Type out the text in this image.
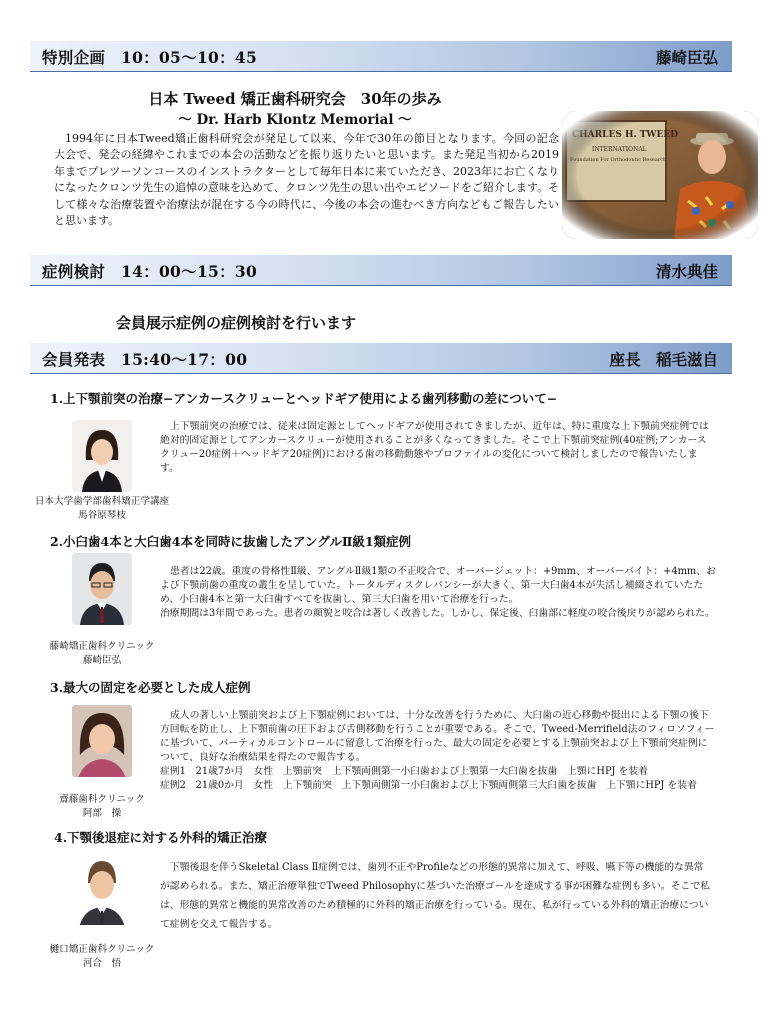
特別企画　10：05～10：45	藤崎臣弘
日本 Tweed 矯正歯科研究会　30年の歩み
～ Dr. Harb Klontz Memorial ～
1994年に日本Tweed矯正歯科研究会が発足して以来、今年で30年の節目となります。今回の記念大会で、発会の経緯やこれまでの本会の活動などを振り返りたいと思います。また発足当初から2019年までプレツーソンコースのインストラクターとして毎年日本に来ていただき、2023年にお亡くなりになったクロンツ先生の追悼の意味を込めて、クロンツ先生の思い出やエピソードをご紹介します。そして様々な治療装置や治療法が混在する今の時代に、今後の本会の進むべき方向などもご報告したいと思います。
症例検討　14：00～15：30	清水典佳
会員展示症例の症例検討を行います
会員発表　15:40～17：00	座長　稲毛滋自
1.上下顎前突の治療−アンカースクリューとヘッドギア使用による歯列移動の差について−

上下顎前突の治療では、従来は固定源としてヘッドギアが使用されてきましたが、近年は、特に重度な上下顎前突症例では絶対的固定源としてアンカースクリューが使用されることが多くなってきました。そこで上下顎前突症例(40症例;アンカースクリュー20症例＋ヘッドギア20症例)における歯の移動動態やプロファイルの変化について検討しましたので報告いたします。

日本大学歯学部歯科矯正学講座
馬谷原琴枝
2.小臼歯4本と大臼歯4本を同時に抜歯したアングルⅡ級1類症例

患者は22歳。重度の骨格性Ⅱ級、アングルⅡ級1類の不正咬合で、オーバージェット：+9mm、オーバーバイト：+4mm、および下顎前歯の重度の叢生を呈していた。トータルディスクレパンシーが大きく、第一大臼歯4本が失活し補綴されていたため、小臼歯4本と第一大臼歯すべてを抜歯し、第三大臼歯を用いて治療を行った。

治療期間は3年間であった。患者の顔貌と咬合は著しく改善した。しかし、保定後、臼歯部に軽度の咬合後戻りが認められた。

藤崎矯正歯科クリニック
藤崎臣弘
3.最大の固定を必要とした成人症例

成人の著しい上顎前突および上下顎症例においては、十分な改善を行うために、大臼歯の近心移動や挺出による下顎の後下方回転を防止し、上下顎前歯の圧下および舌側移動を行うことが重要である。そこで、Tweed-Merrifield法のフィロソフィーに基づいて、バーティカルコントロールに留意して治療を行った、最大の固定を必要とする上顎前突および上下顎前突症例について、良好な治療結果を得たので報告する。

症例1　21歳7か月　女性　上顎前突　上下顎両側第一小臼歯および上顎第一大臼歯を抜歯　上顎にHPJ を装着

症例2　21歳0か月　女性　上下顎前突　上下顎両側第一小臼歯および上下顎両側第三大臼歯を抜歯　上下顎にHPJ を装着

齋藤歯科クリニック
阿部　操
4.下顎後退症に対する外科的矯正治療

下顎後退を伴うSkeletal Class Ⅱ症例では、歯列不正やProfileなどの形態的異常に加えて、呼吸、嚥下等の機能的な異常が認められる。また、矯正治療単独でTweed Philosophyに基づいた治療ゴールを達成する事が困難な症例も多い。そこで私は、形態的異常と機能的異常改善のため積極的に外科的矯正治療を行っている。現在、私が行っている外科的矯正治療について症例を交えて報告する。

樋口矯正歯科クリニック
河合　悟
